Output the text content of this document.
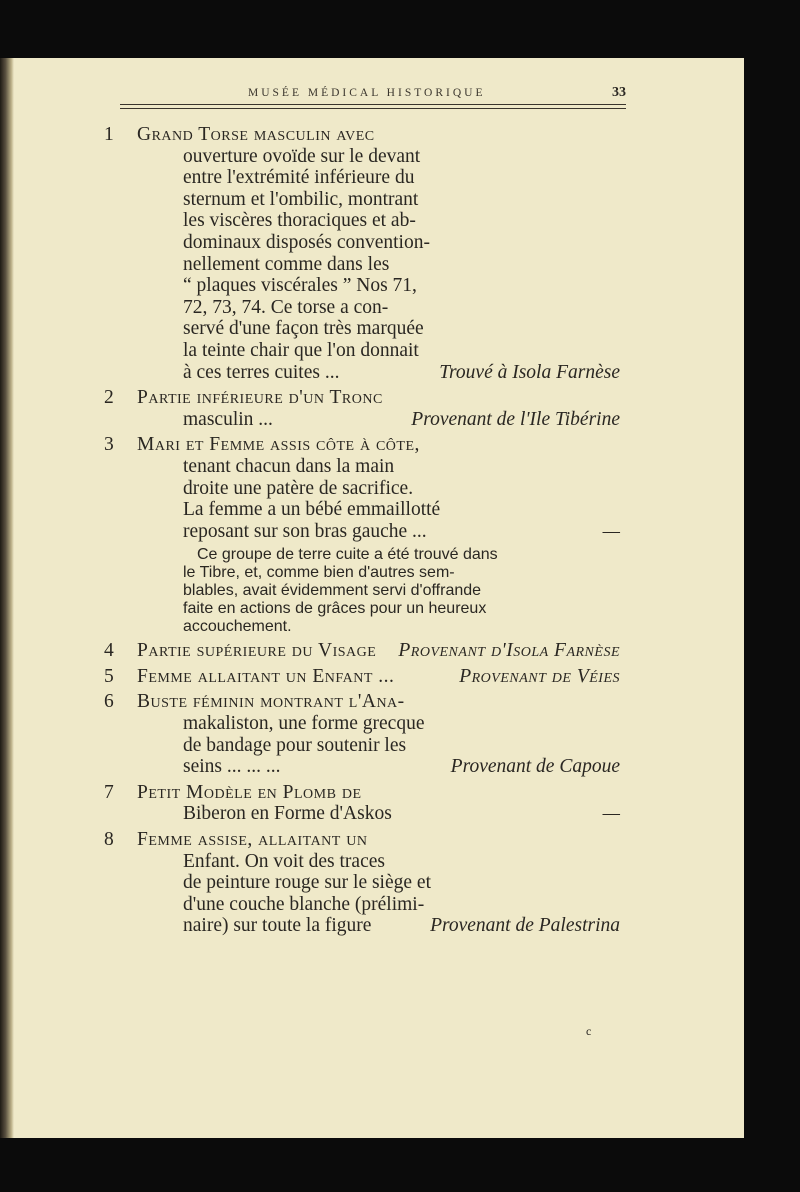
MUSÉE MÉDICAL HISTORIQUE	33
1	Grand Torse masculin avec
ouverture ovoïde sur le devant
entre l'extrémité inférieure du
sternum et l'ombilic, montrant
les viscères thoraciques et ab-
dominaux disposés convention-
nellement comme dans les
“ plaques viscérales ” Nos 71,
72, 73, 74. Ce torse a con-
servé d'une façon très marquée
la teinte chair que l'on donnait
à ces terres cuites ...	Trouvé à Isola Farnèse
2	Partie inférieure d'un Tronc
masculin ...	Provenant de l'Ile Tibérine
3	Mari et Femme assis côte à côte,
tenant chacun dans la main
droite une patère de sacrifice.
La femme a un bébé emmaillotté
reposant sur son bras gauche ...	—
Ce groupe de terre cuite a été trouvé dans
le Tibre, et, comme bien d'autres sem-
blables, avait évidemment servi d'offrande
faite en actions de grâces pour un heureux
accouchement.
4	Partie supérieure du Visage Provenant d'Isola Farnèse
5	Femme allaitant un Enfant ...	Provenant de Véies
6	Buste féminin montrant l'Ana-
makaliston, une forme grecque
de bandage pour soutenir les
seins ... ... ...	Provenant de Capoue
7	Petit Modèle en Plomb de
Biberon en Forme d'Askos	—
8	Femme assise, allaitant un
Enfant. On voit des traces
de peinture rouge sur le siège et
d'une couche blanche (prélimi-
naire) sur toute la figure	Provenant de Palestrina
c
